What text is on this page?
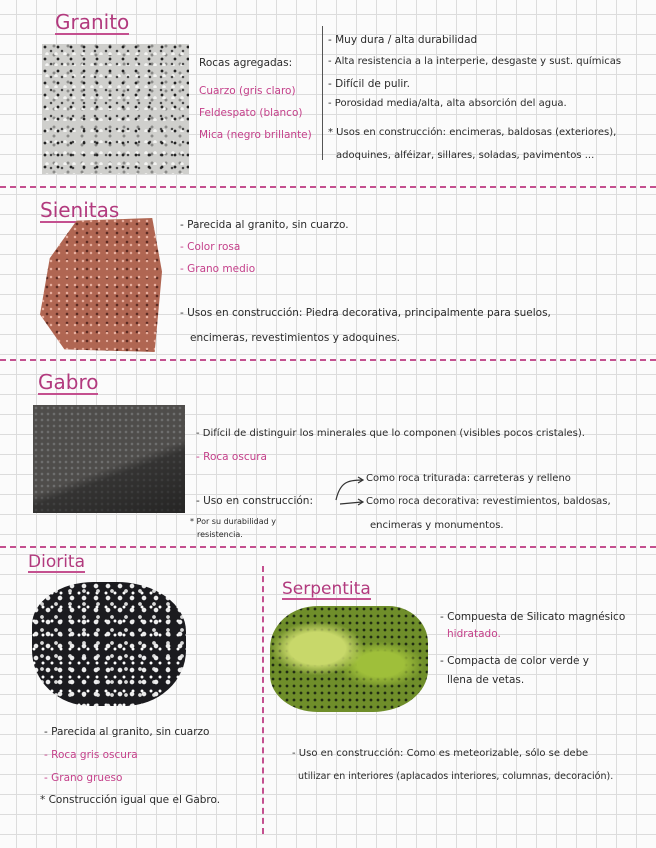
Granito
Rocas agregadas:
Cuarzo (gris claro)
Feldespato (blanco)
Mica (negro brillante)
- Muy dura / alta durabilidad
- Alta resistencia a la interperie, desgaste y sust. químicas
- Difícil de pulir.
- Porosidad media/alta, alta absorción del agua.
* Usos en construcción: encimeras, baldosas (exteriores),
adoquines, alféizar, sillares, soladas, pavimentos ...
Sienitas
- Parecida al granito, sin cuarzo.
- Color rosa
- Grano medio
- Usos en construcción: Piedra decorativa, principalmente para suelos,
encimeras, revestimientos y adoquines.
Gabro
- Difícil de distinguir los minerales que lo componen (visibles pocos cristales).
- Roca oscura
- Uso en construcción:
Como roca triturada: carreteras y relleno
Como roca decorativa: revestimientos, baldosas,
encimeras y monumentos.
* Por su durabilidad y
resistencia.
Diorita
- Parecida al granito, sin cuarzo
- Roca gris oscura
- Grano grueso
* Construcción igual que el Gabro.
Serpentita
- Compuesta de Silicato magnésico
hidratado.
- Compacta de color verde y
llena de vetas.
- Uso en construcción: Como es meteorizable, sólo se debe
utilizar en interiores (aplacados interiores, columnas, decoración).
